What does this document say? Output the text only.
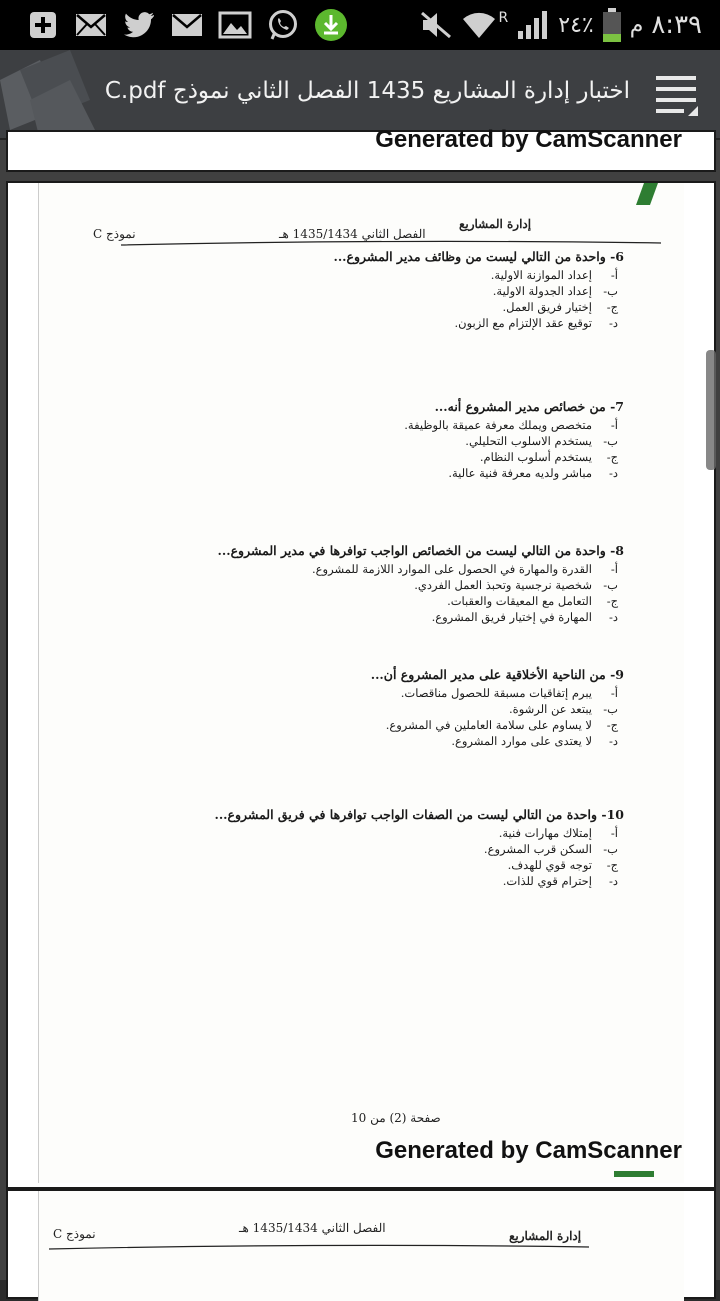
R ٢٤٪ م ٨:٣٩
اختبار إدارة المشاريع 1435 الفصل الثاني نموذج C.pdf
Generated by CamScanner
إدارة المشاريع
الفصل الثاني 1435/1434 هـ
نموذج C
6- واحدة من التالي ليست من وظائف مدير المشروع...
أ-
إعداد الموازنة الاولية.
ب-
إعداد الجدولة الاولية.
ج-
إختيار فريق العمل.
د-
توقيع عقد الإلتزام مع الزبون.
7- من خصائص مدير المشروع أنه...
أ-
متخصص ويملك معرفة عميقة بالوظيفة.
ب-
يستخدم الاسلوب التحليلي.
ج-
يستخدم أسلوب النظام.
د-
مباشر ولديه معرفة فنية عالية.
8- واحدة من التالي ليست من الخصائص الواجب توافرها في مدير المشروع...
أ-
القدرة والمهارة في الحصول على الموارد اللازمة للمشروع.
ب-
شخصية نرجسية وتحبذ العمل الفردي.
ج-
التعامل مع المعيقات والعقبات.
د-
المهارة في إختيار فريق المشروع.
9- من الناحية الأخلاقية على مدير المشروع أن...
أ-
يبرم إتفاقيات مسبقة للحصول مناقصات.
ب-
يبتعد عن الرشوة.
ج-
لا يساوم على سلامة العاملين في المشروع.
د-
لا يعتدى على موارد المشروع.
10- واحدة من التالي ليست من الصفات الواجب توافرها في فريق المشروع...
أ-
إمتلاك مهارات فنية.
ب-
السكن قرب المشروع.
ج-
توجه قوي للهدف.
د-
إحترام قوي للذات.
صفحة (2) من 10
Generated by CamScanner
إدارة المشاريع
الفصل الثاني 1435/1434 هـ
نموذج C
